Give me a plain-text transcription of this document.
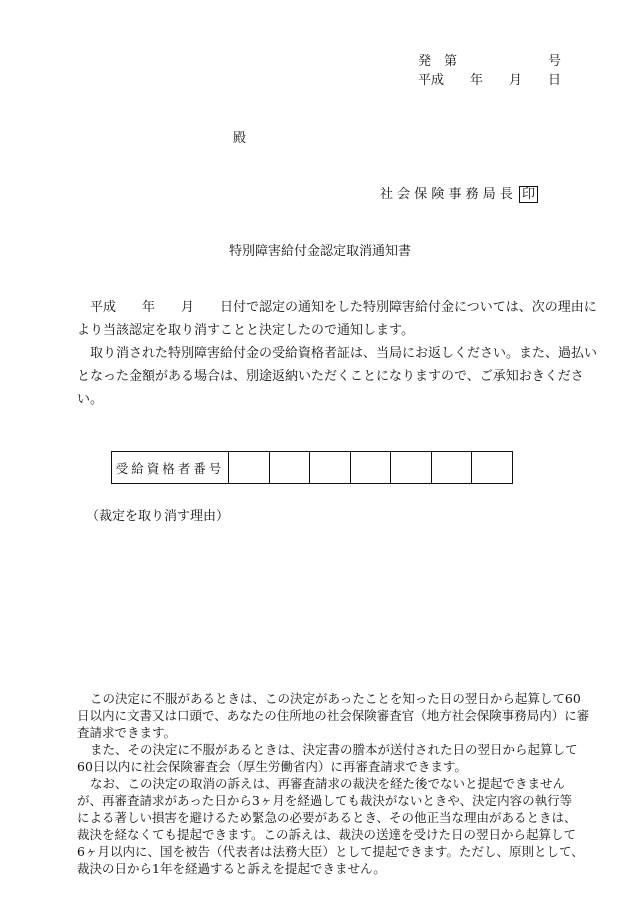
発　第　　　　　　　号
平成　　年　　月　　日
殿
社 会 保 険 事 務 局 長 印
特別障害給付金認定取消通知書
平成　　年　　月　　日付で認定の通知をした特別障害給付金については、次の理由に
より当該認定を取り消すことと決定したので通知します。
取り消された特別障害給付金の受給資格者証は、当局にお返しください。また、過払い
となった金額がある場合は、別途返納いただくことになりますので、ご承知おきくださ
い。
受給資格者番号							
（裁定を取り消す理由）
この決定に不服があるときは、この決定があったことを知った日の翌日から起算して60
日以内に文書又は口頭で、あなたの住所地の社会保険審査官（地方社会保険事務局内）に審
査請求できます。
また、その決定に不服があるときは、決定書の謄本が送付された日の翌日から起算して
60日以内に社会保険審査会（厚生労働省内）に再審査請求できます。
なお、この決定の取消の訴えは、再審査請求の裁決を経た後でないと提起できません
が、再審査請求があった日から3ヶ月を経過しても裁決がないときや、決定内容の執行等
による著しい損害を避けるため緊急の必要があるとき、その他正当な理由があるときは、
裁決を経なくても提起できます。この訴えは、裁決の送達を受けた日の翌日から起算して
6ヶ月以内に、国を被告（代表者は法務大臣）として提起できます。ただし、原則として、
裁決の日から1年を経過すると訴えを提起できません。
